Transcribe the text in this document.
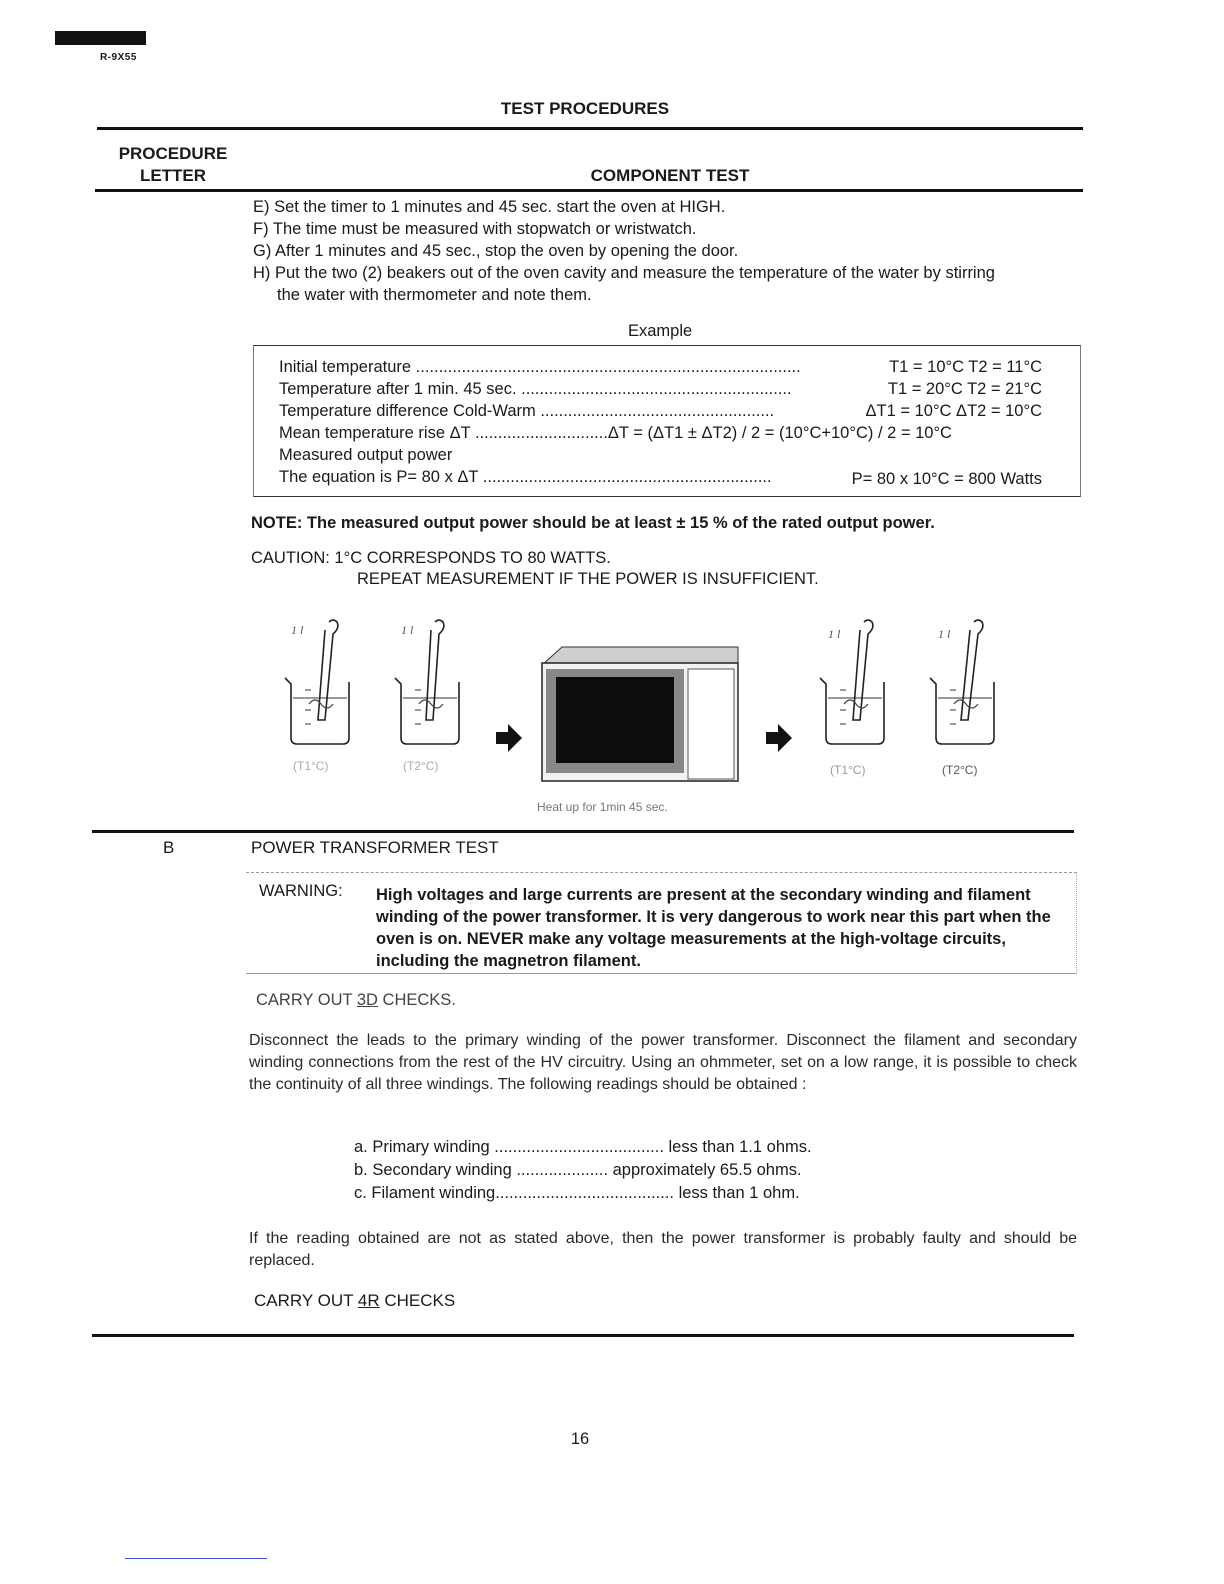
R-9X55
TEST PROCEDURES
PROCEDURE
LETTER	COMPONENT TEST
E) Set the timer to 1 minutes and 45 sec. start the oven at HIGH.
F) The time must be measured with stopwatch or wristwatch.
G) After 1 minutes and 45 sec., stop the oven by opening the door.
H) Put the two (2) beakers out of the oven cavity and measure the temperature of the water by stirring
the water with thermometer and note them.
Example
Initial temperature ....................................................................................	T1 = 10°C T2 = 11°C
Temperature after 1 min. 45 sec. ...........................................................	T1 = 20°C T2 = 21°C
Temperature difference Cold-Warm ...................................................	ΔT1 = 10°C ΔT2 = 10°C
Mean temperature rise ΔT .............................ΔT = (ΔT1 ± ΔT2) / 2 = (10°C+10°C) / 2 = 10°C
Measured output power
The equation is P= 80 x ΔT ...............................................................	P= 80 x 10°C = 800 Watts
NOTE: The measured output power should be at least ± 15 % of the rated output power.
CAUTION: 1°C CORRESPONDS TO 80 WATTS.
REPEAT MEASUREMENT IF THE POWER IS INSUFFICIENT.
1 l
(T1°C)
1 l
(T2°C)
1 l
(T1°C)
1 l
(T2°C)
Heat up for 1min 45 sec.
B	POWER TRANSFORMER TEST
WARNING: High voltages and large currents are present at the secondary winding and filament winding of the power transformer. It is very dangerous to work near this part when the oven is on. NEVER make any voltage measurements at the high-voltage circuits, including the magnetron filament.
CARRY OUT 3D CHECKS.
Disconnect the leads to the primary winding of the power transformer. Disconnect the filament and secondary winding connections from the rest of the HV circuitry. Using an ohmmeter, set on a low range, it is possible to check the continuity of all three windings. The following readings should be obtained :
a. Primary winding ..................................... less than 1.1 ohms.
b. Secondary winding .................... approximately 65.5 ohms.
c. Filament winding....................................... less than 1 ohm.
If the reading obtained are not as stated above, then the power transformer is probably faulty and should be replaced.
CARRY OUT 4R CHECKS
16
